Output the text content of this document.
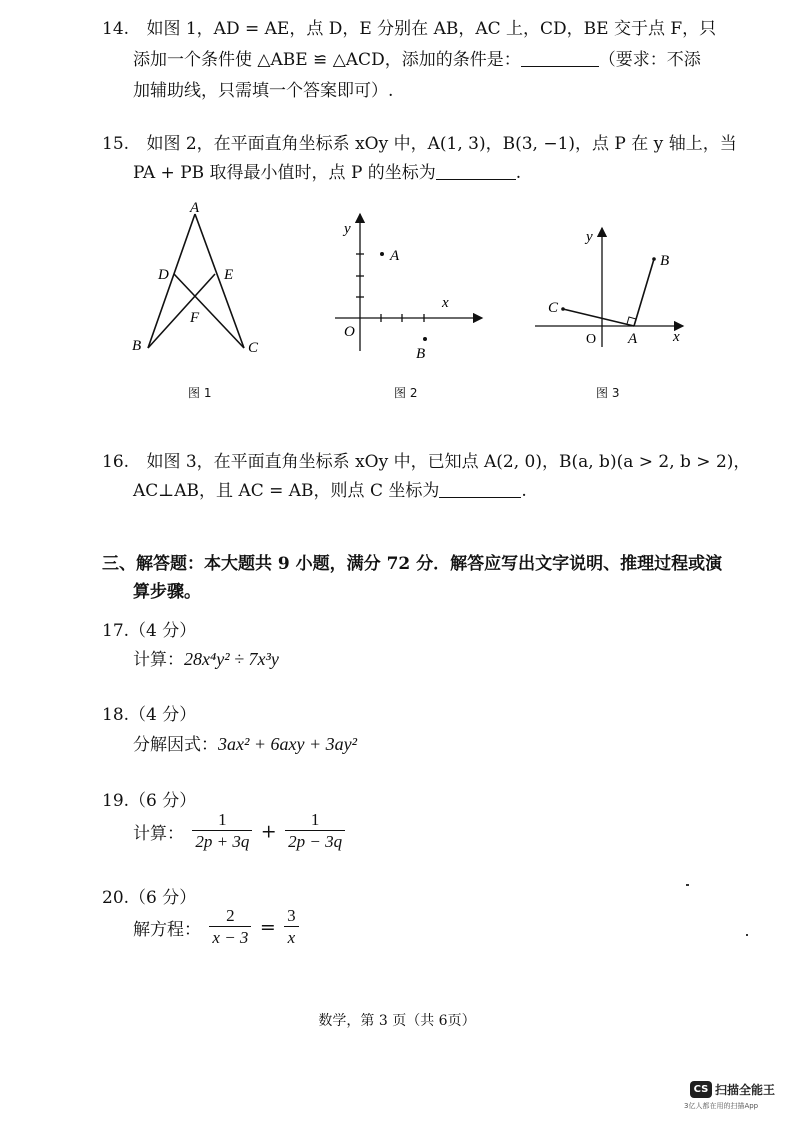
14. 如图 1，AD = AE，点 D，E 分别在 AB，AC 上，CD，BE 交于点 F，只
添加一个条件使 △ABE ≌ △ACD，添加的条件是：	（要求：不添
加辅助线，只需填一个答案即可）.
15. 如图 2，在平面直角坐标系 xOy 中，A(1, 3)，B(3, −1)，点 P 在 y 轴上，当
PA + PB 取得最小值时，点 P 的坐标为	.
A
D	E
F
B	C
图 1
y
A
x
O
B
图 2
y
B
C
O A x
图 3
16. 如图 3，在平面直角坐标系 xOy 中，已知点 A(2, 0)，B(a, b)(a > 2, b > 2)，
AC⊥AB，且 AC = AB，则点 C 坐标为	.
三、解答题：本大题共 9 小题，满分 72 分．解答应写出文字说明、推理过程或演
算步骤。
17.（4 分）
计算：28x⁴y² ÷ 7x³y
18.（4 分）
分解因式：3ax² + 6axy + 3ay²
19.（6 分）
计算： $\frac{1}{2p + 3q} + \frac{1}{2p - 3q}$
20.（6 分）
解方程： $\frac{2}{x - 3} = \frac{3}{x}$
数学，第 3 页（共 6页）
CS 扫描全能王
3亿人都在用的扫描App
